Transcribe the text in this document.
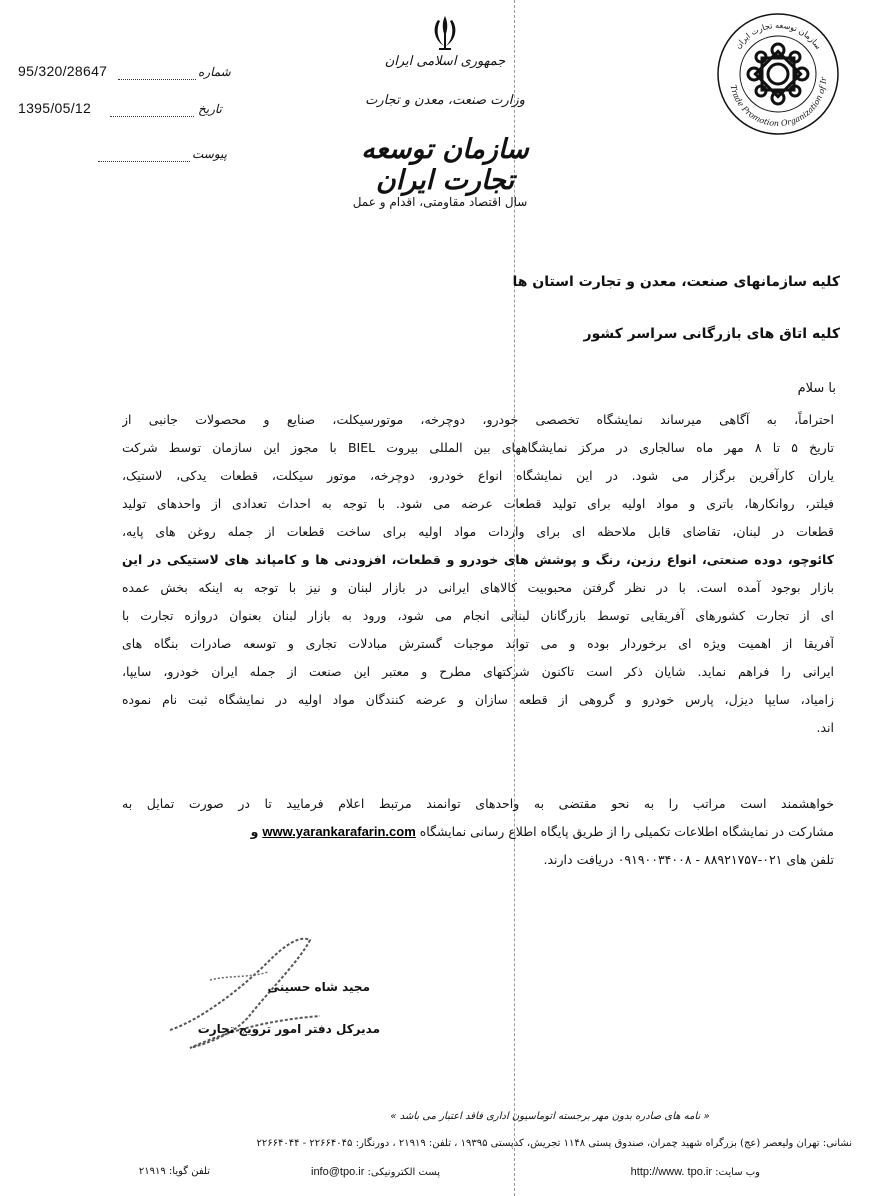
95/320/28647	شماره
1395/05/12	تاریخ
پیوست
جمهوری اسلامی ایران
وزارت صنعت، معدن و تجارت
سازمان توسعه تجارت ایران
سال اقتصاد مقاومتی، اقدام و عمل
Trade Promotion Organization of Ir
سازمان توسعه تجارت ایران
کلیه سازمانهای صنعت، معدن و تجارت استان ها
کلیه اتاق های بازرگانی سراسر کشور
با سلام
احتراماً، به آگاهی میرساند نمایشگاه تخصصی خودرو، دوچرخه، موتورسیکلت، صنایع و محصولات جانبی از
تاریخ ۵ تا ۸ مهر ماه سالجاری در مرکز نمایشگاههای بین المللی بیروت BIEL با مجوز این سازمان توسط شرکت
یاران کارآفرین برگزار می شود. در این نمایشگاه انواع خودرو، دوچرخه، موتور سیکلت، قطعات یدکی، لاستیک،
فیلتر، روانکارها، باتری و مواد اولیه برای تولید قطعات عرضه می شود. با توجه به احداث تعدادی از واحدهای تولید
قطعات در لبنان، تقاضای قابل ملاحظه ای برای واردات مواد اولیه برای ساخت قطعات از جمله روغن های پایه،
کائوچو، دوده صنعتی، انواع رزین، رنگ و پوشش های خودرو و قطعات، افزودنی ها و کامپاند های لاستیکی در این
بازار بوجود آمده است. با در نظر گرفتن محبوبیت کالاهای ایرانی در بازار لبنان و نیز با توجه به اینکه بخش عمده
ای از تجارت کشورهای آفریقایی توسط بازرگانان لبنانی انجام می شود، ورود به بازار لبنان بعنوان دروازه تجارت با
آفریقا از اهمیت ویژه ای برخوردار بوده و می تواند موجبات گسترش مبادلات تجاری و توسعه صادرات بنگاه های
ایرانی را فراهم نماید. شایان ذکر است تاکنون شرکتهای مطرح و معتبر این صنعت از جمله ایران خودرو، سایپا،
زامیاد، سایپا دیزل، پارس خودرو و گروهی از قطعه سازان و عرضه کنندگان مواد اولیه در نمایشگاه ثبت نام نموده
اند.
خواهشمند است مراتب را به نحو مقتضی به واحدهای توانمند مرتبط اعلام فرمایید تا در صورت تمایل به
مشارکت در نمایشگاه اطلاعات تکمیلی را از طریق پایگاه اطلاع رسانی نمایشگاه www.yarankarafarin.com و
تلفن های ۰۲۱-۸۸۹۲۱۷۵۷ - ۰۹۱۹۰۰۳۴۰۰۸ دریافت دارند.
مجید شاه حسینی
مدیرکل دفتر امور ترویج تجارت
« نامه های صادره بدون مهر برجسته اتوماسیون اداری فاقد اعتبار می باشد »
نشانی: تهران ولیعصر (عج) بزرگراه شهید چمران، صندوق پستی ۱۱۴۸ تجریش، کدپستی ۱۹۳۹۵ ، تلفن: ۲۱۹۱۹ ، دورنگار: ۲۲۶۶۴۰۴۵ - ۲۲۶۶۴۰۴۴
وب سایت: http://www. tpo.ir
پست الکترونیکی: info@tpo.ir
تلفن گویا: ۲۱۹۱۹
